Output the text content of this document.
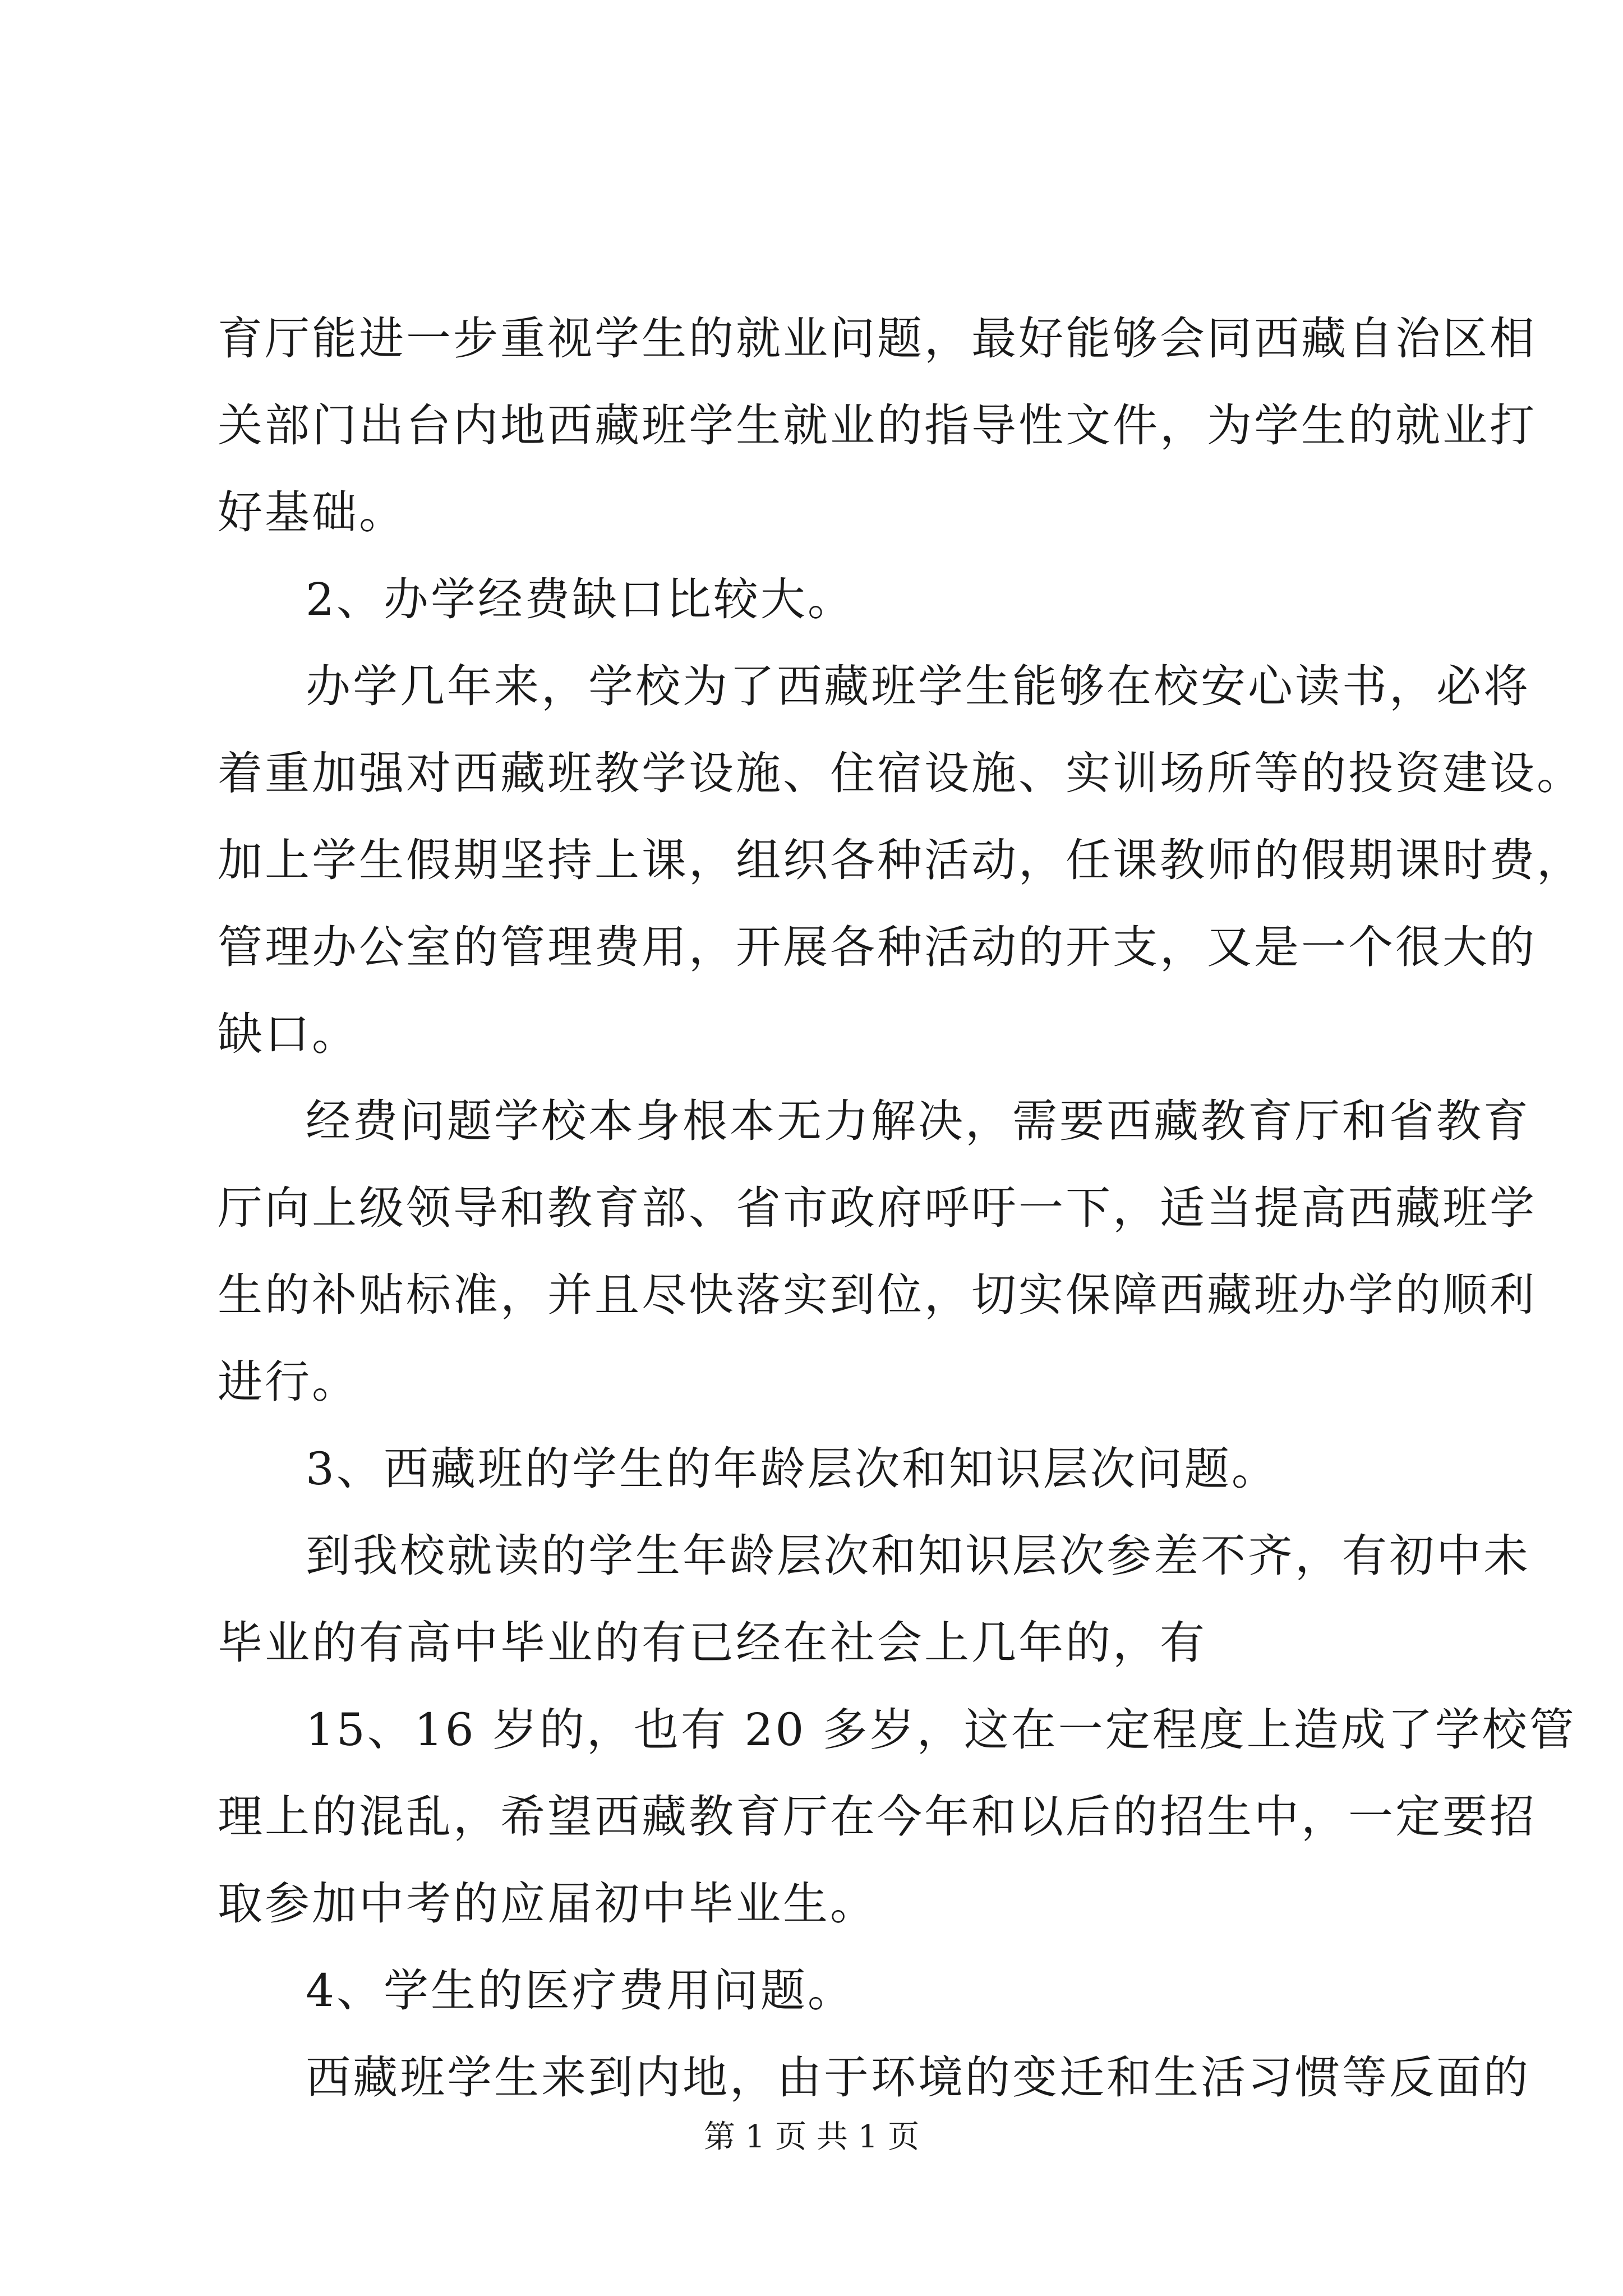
育厅能进一步重视学生的就业问题，最好能够会同西藏自治区相
关部门出台内地西藏班学生就业的指导性文件，为学生的就业打
好基础。
2、办学经费缺口比较大。
办学几年来，学校为了西藏班学生能够在校安心读书，必将
着重加强对西藏班教学设施、住宿设施、实训场所等的投资建设。
加上学生假期坚持上课，组织各种活动，任课教师的假期课时费，
管理办公室的管理费用，开展各种活动的开支，又是一个很大的
缺口。
经费问题学校本身根本无力解决，需要西藏教育厅和省教育
厅向上级领导和教育部、省市政府呼吁一下，适当提高西藏班学
生的补贴标准，并且尽快落实到位，切实保障西藏班办学的顺利
进行。
3、西藏班的学生的年龄层次和知识层次问题。
到我校就读的学生年龄层次和知识层次参差不齐，有初中未
毕业的有高中毕业的有已经在社会上几年的，有
15、16 岁的，也有 20 多岁，这在一定程度上造成了学校管
理上的混乱，希望西藏教育厅在今年和以后的招生中，一定要招
取参加中考的应届初中毕业生。
4、学生的医疗费用问题。
西藏班学生来到内地，由于环境的变迁和生活习惯等反面的
第 1 页 共 1 页
